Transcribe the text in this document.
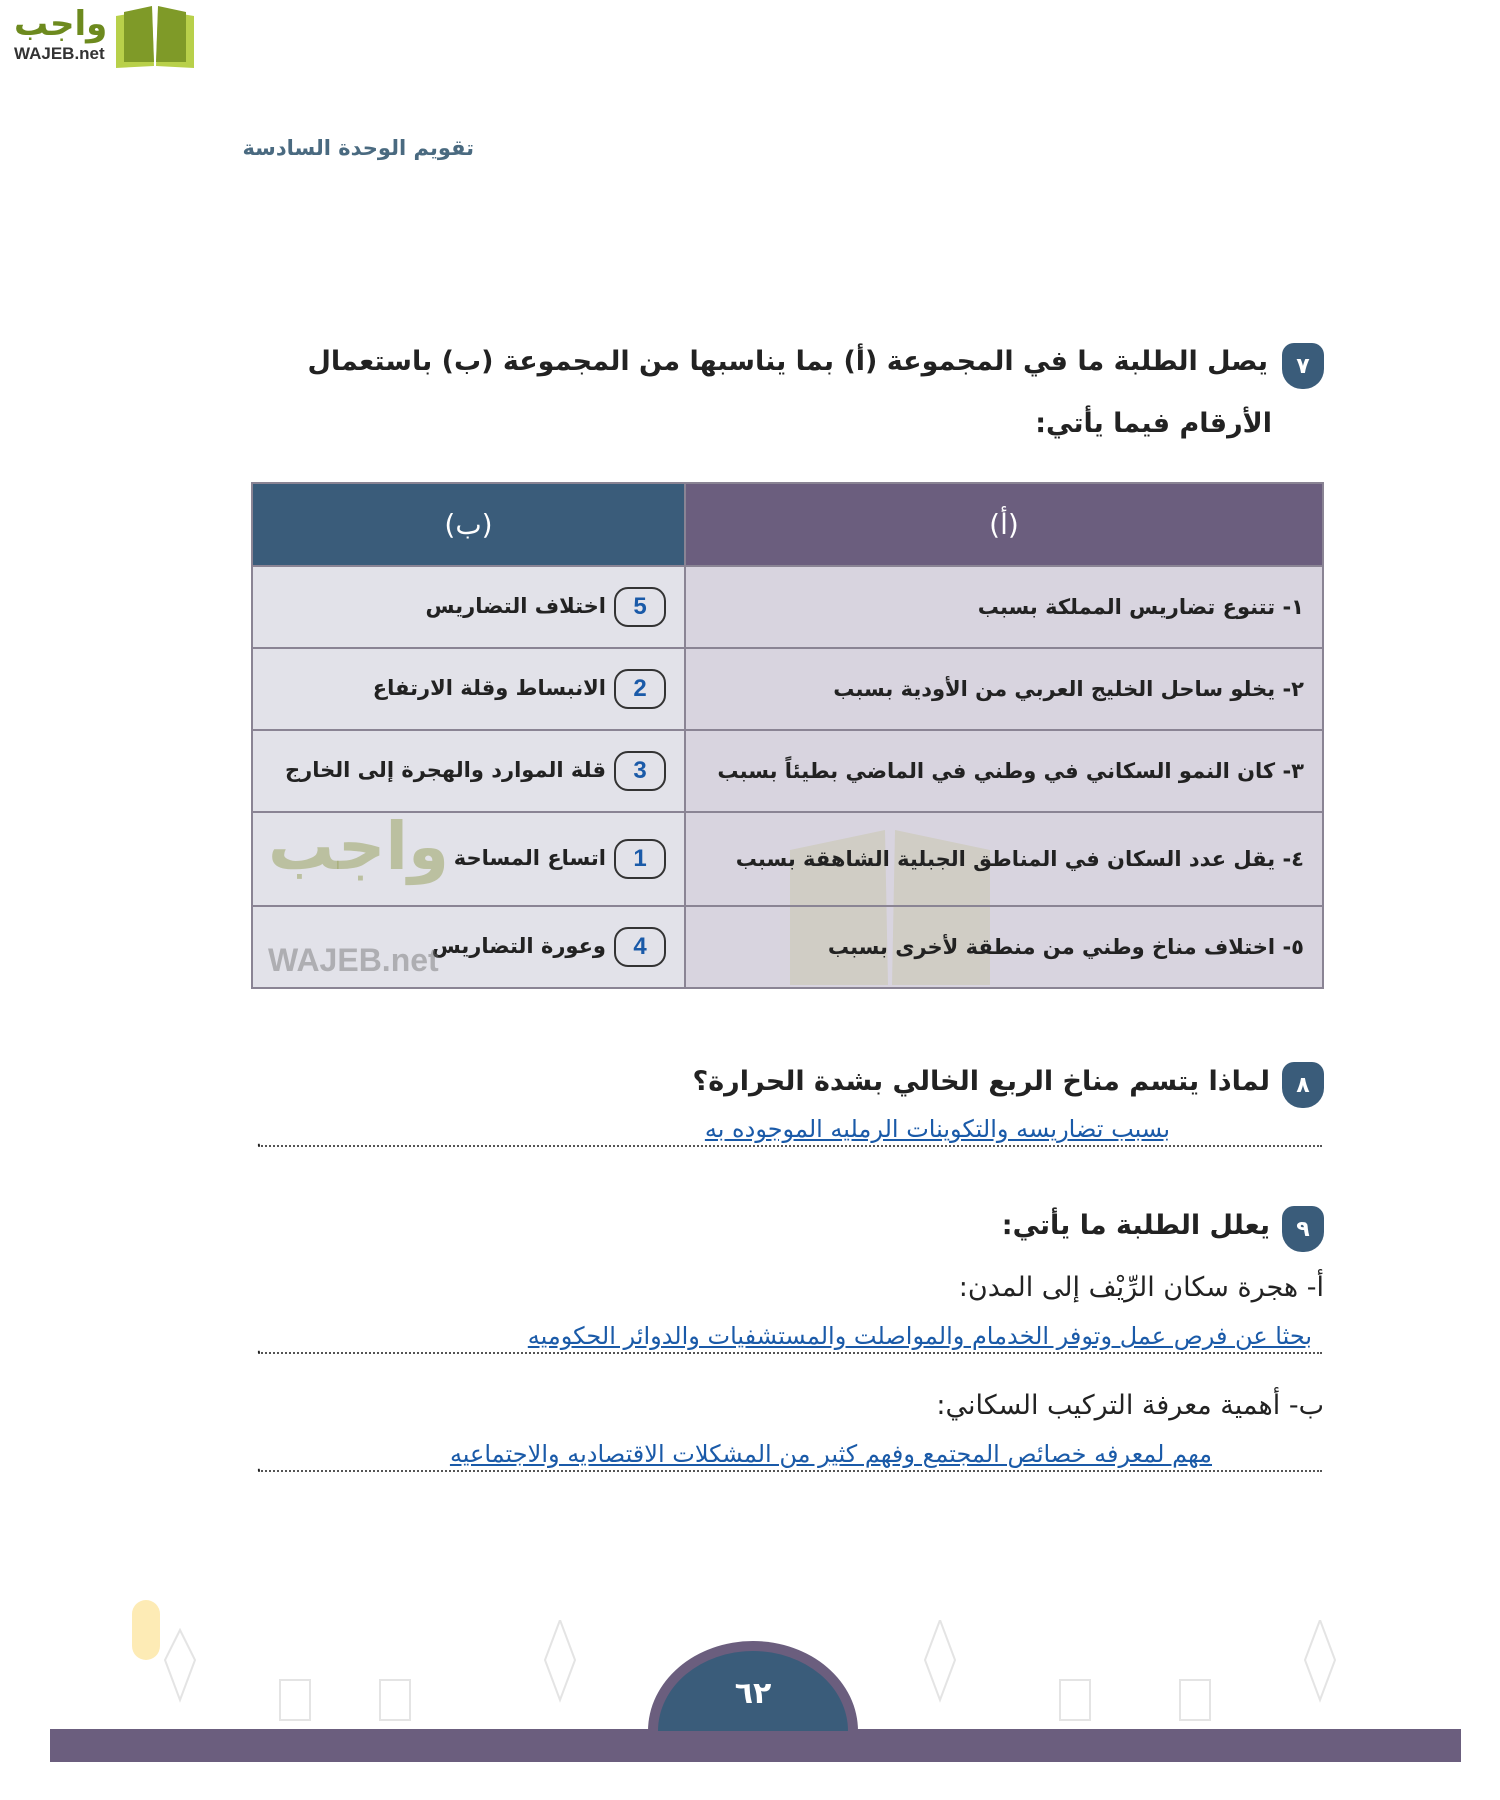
واجب
WAJEB.net
تقويم الوحدة السادسة
٧
يصل الطلبة ما في المجموعة (أ) بما يناسبها من المجموعة (ب) باستعمال
الأرقام فيما يأتي:
(أ)	(ب)
١- تتنوع تضاريس المملكة بسبب	5اختلاف التضاريس
٢- يخلو ساحل الخليج العربي من الأودية بسبب	2الانبساط وقلة الارتفاع
٣- كان النمو السكاني في وطني في الماضي بطيئاً بسبب	3قلة الموارد والهجرة إلى الخارج
٤- يقل عدد السكان في المناطق الجبلية الشاهقة بسبب	1اتساع المساحة
٥- اختلاف مناخ وطني من منطقة لأخرى بسبب	4وعورة التضاريس
واجب
WAJEB.net
٨
لماذا يتسم مناخ الربع الخالي بشدة الحرارة؟
بسبب تضاريسه والتكوينات الرمليه الموجوده به
.
٩
يعلل الطلبة ما يأتي:
أ- هجرة سكان الرِّيْف إلى المدن:
بحثا عن فرص عمل وتوفر الخدمام والمواصلت والمستشفيات والدوائر الحكوميه
.
ب- أهمية معرفة التركيب السكاني:
مهم لمعرفه خصائص المجتمع وفهم كثير من المشكلات الاقتصاديه والاجتماعيه
.
٦٢
